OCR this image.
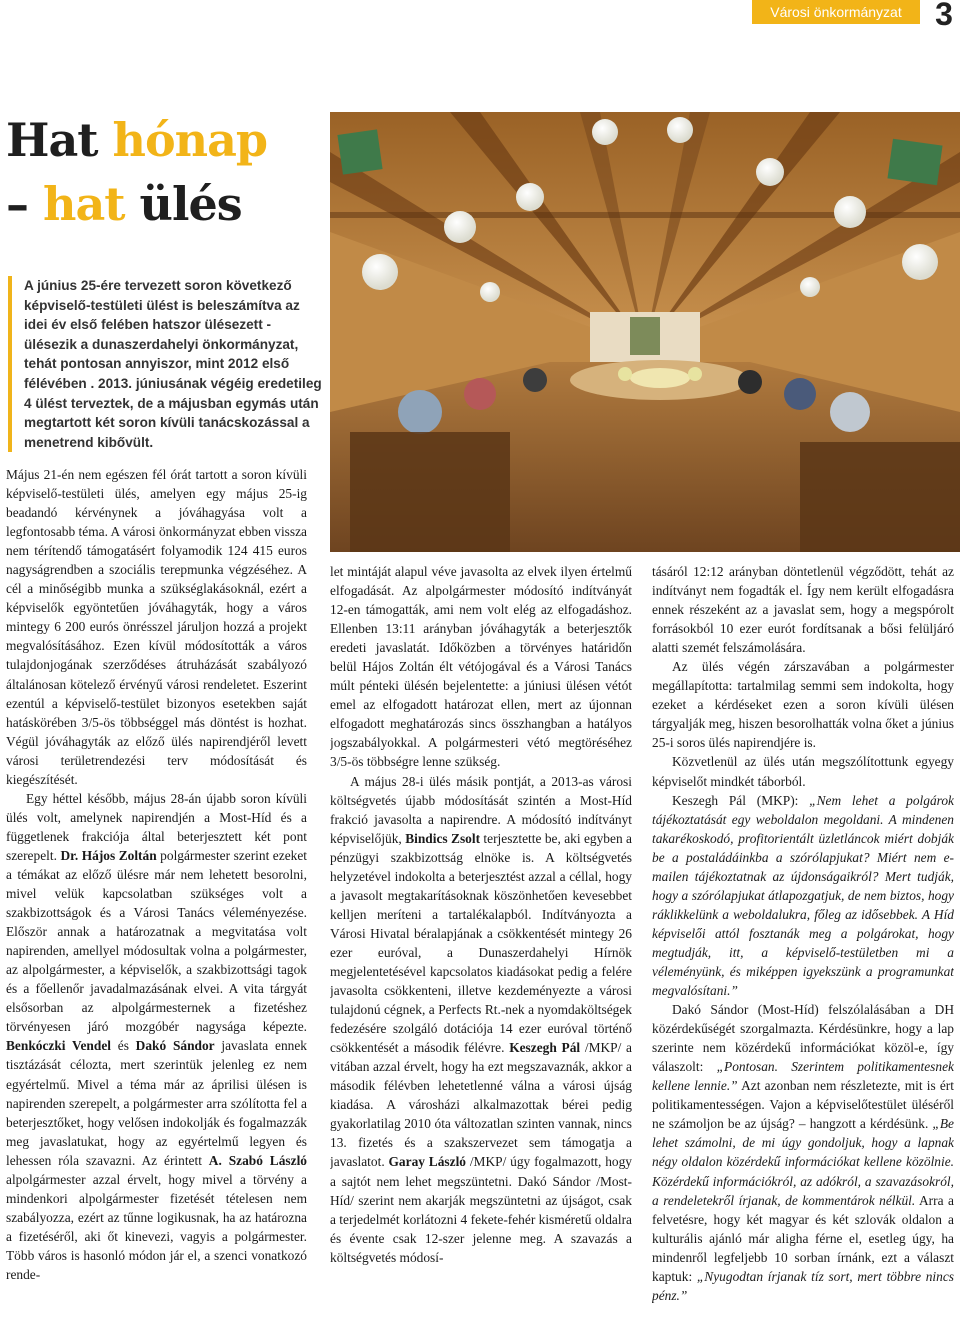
Városi önkormányzat	3
Hat hónap
– hat ülés
A június 25-ére tervezett soron következő képviselő-testületi ülést is beleszámítva az idei év első felében hatszor ülésezett - ülésezik a dunaszerdahelyi önkormányzat, tehát pontosan annyiszor, mint 2012 első félévében . 2013. júniusának végéig eredetileg 4 ülést terveztek, de a májusban egymás után megtartott két soron kívüli tanácskozással a menetrend kibővült.

Május 21-én nem egészen fél órát tartott a soron kívüli képviselő-testületi ülés, amelyen egy május 25-ig beadandó kérvénynek a jóváhagyása volt a legfontosabb téma. A városi önkormányzat ebben vissza nem térítendő támogatásért folyamodik 124 415 euros nagyságrendben a szociális terepmunka végzéséhez. A cél a minőségibb munka a szükséglakásoknál, ezért a képviselők egyöntetűen jóváhagyták, hogy a város mintegy 6 200 eurós önrésszel járuljon hozzá a projekt megvalósításához. Ezen kívül módosították a város tulajdonjogának szerződéses átruházását szabályozó általánosan kötelező érvényű városi rendeletet. Eszerint ezentúl a képviselő-testület bizonyos esetekben saját hatáskörében 3/5-ös többséggel más döntést is hozhat. Végül jóváhagyták az előző ülés napirendjéről levett városi területrendezési terv módosítását és kiegészítését.

Egy héttel később, május 28-án újabb soron kívüli ülés volt, amelynek napirendjén a Most-Híd és a függetlenek frakciója által beterjesztett két pont szerepelt. Dr. Hájos Zoltán polgármester szerint ezeket a témákat az előző ülésre már nem lehetett besorolni, mivel velük kapcsolatban szükséges volt a szakbizottságok és a Városi Tanács véleményezése. Először annak a határozatnak a megvitatása volt napirenden, amellyel módosultak volna a polgármester, az alpolgármester, a képviselők, a szakbizottsági tagok és a főellenőr javadalmazásának elvei. A vita tárgyát elsősorban az alpolgármesternek a fizetéshez törvényesen járó mozgóbér nagysága képezte. Benkóczki Vendel és Dakó Sándor javaslata ennek tisztázását célozta, mert szerintük jelenleg ez nem egyértelmű. Mivel a téma már az áprilisi ülésen is napirenden szerepelt, a polgármester arra szólította fel a beterjesztőket, hogy velősen indokolják és fogalmazzák meg javaslatukat, hogy az egyértelmű legyen és lehessen róla szavazni. Az érintett A. Szabó László alpolgármester azzal érvelt, hogy mivel a törvény a mindenkori alpolgármester fizetését tételesen nem szabályozza, ezért az tűnne logikusnak, ha az határozna a fizetéséről, aki őt kinevezi, vagyis a polgármester. Több város is hasonló módon jár el, a szenci vonatkozó rende-

let mintáját alapul véve javasolta az elvek ilyen értelmű elfogadását. Az alpolgármester módosító indítványát 12-en támogatták, ami nem volt elég az elfogadáshoz. Ellenben 13:11 arányban jóváhagyták a beterjesztők eredeti javaslatát. Időközben a törvényes határidőn belül Hájos Zoltán élt vétójogával és a Városi Tanács múlt pénteki ülésén bejelentette: a júniusi ülésen vétót emel az elfogadott határozat ellen, mert az újonnan elfogadott meghatározás sincs összhangban a hatályos jogszabályokkal. A polgármesteri vétó megtöréséhez 3/5-ös többségre lenne szükség.

A május 28-i ülés másik pontját, a 2013-as városi költségvetés újabb módosítását szintén a Most-Híd frakció javasolta a napirendre. A módosító indítványt képviselőjük, Bindics Zsolt terjesztette be, aki egyben a pénzügyi szakbizottság elnöke is. A költségvetés helyzetével indokolta a beterjesztést azzal a céllal, hogy a javasolt megtakarításoknak köszönhetően kevesebbet kelljen meríteni a tartalékalapból. Indítványozta a Városi Hivatal béralapjának a csökkentését mintegy 26 ezer euróval, a Dunaszerdahelyi Hírnök megjelentetésével kapcsolatos kiadásokat pedig a felére javasolta csökkenteni, illetve kezdeményezte a városi tulajdonú cégnek, a Perfects Rt.-nek a nyomdaköltségek fedezésére szolgáló dotációja 14 ezer euróval történő csökkentését a második félévre. Keszegh Pál /MKP/ a vitában azzal érvelt, hogy ha ezt megszavaznák, akkor a második félévben lehetetlenné válna a városi újság kiadása. A városházi alkalmazottak bérei pedig gyakorlatilag 2010 óta változatlan szinten vannak, nincs 13. fizetés és a szakszervezet sem támogatja a javaslatot. Garay László /MKP/ úgy fogalmazott, hogy a sajtót nem lehet megszüntetni. Dakó Sándor /Most-Híd/ szerint nem akarják megszüntetni az újságot, csak a terjedelmét korlátozni 4 fekete-fehér kisméretű oldalra és évente csak 12-szer jelenne meg. A szavazás a költségvetés módosí-

tásáról 12:12 arányban döntetlenül végződött, tehát az indítványt nem fogadták el. Így nem került elfogadásra ennek részeként az a javaslat sem, hogy a megspórolt forrásokból 10 ezer eurót fordítsanak a bősi felüljáró alatti szemét felszámolására.

Az ülés végén zárszavában a polgármester megállapította: tartalmilag semmi sem indokolta, hogy ezeket a kérdéseket ezen a soron kívüli ülésen tárgyalják meg, hiszen besorolhatták volna őket a június 25-i soros ülés napirendjére is.

Közvetlenül az ülés után megszólítottunk egyegy képviselőt mindkét táborból.

Keszegh Pál (MKP): „Nem lehet a polgárok tájékoztatását egy weboldalon megoldani. A mindenen takarékoskodó, profitorientált üzletláncok miért dobják be a postaládáinkba a szórólapjukat? Miért nem e-mailen tájékoztatnak az újdonságaikról? Mert tudják, hogy a szórólapjukat átlapozgatjuk, de nem biztos, hogy ráklikkelünk a weboldalukra, főleg az idősebbek. A Híd képviselői attól fosztanák meg a polgárokat, hogy megtudják, itt, a képviselő-testületben mi a véleményünk, és miképpen igyekszünk a programunkat megvalósítani.”

Dakó Sándor (Most-Híd) felszólalásában a DH közérdekűségét szorgalmazta. Kérdésünkre, hogy a lap szerinte nem közérdekű információkat közöl-e, így válaszolt: „Pontosan. Szerintem politikamentesnek kellene lennie.” Azt azonban nem részletezte, mit is ért politikamentességen. Vajon a képviselőtestület üléséről ne számoljon be az újság? – hangzott a kérdésünk. „Be lehet számolni, de mi úgy gondoljuk, hogy a lapnak négy oldalon közérdekű információkat kellene közölnie. Közérdekű információkról, az adókról, a szavazásokról, a rendeletekről írjanak, de kommentárok nélkül. Arra a felvetésre, hogy két magyar és két szlovák oldalon a kulturális ajánló már aligha férne el, esetleg úgy, ha mindenről legfeljebb 10 sorban írnánk, ezt a választ kaptuk: „Nyugodtan írjanak tíz sort, mert többre nincs pénz.”
